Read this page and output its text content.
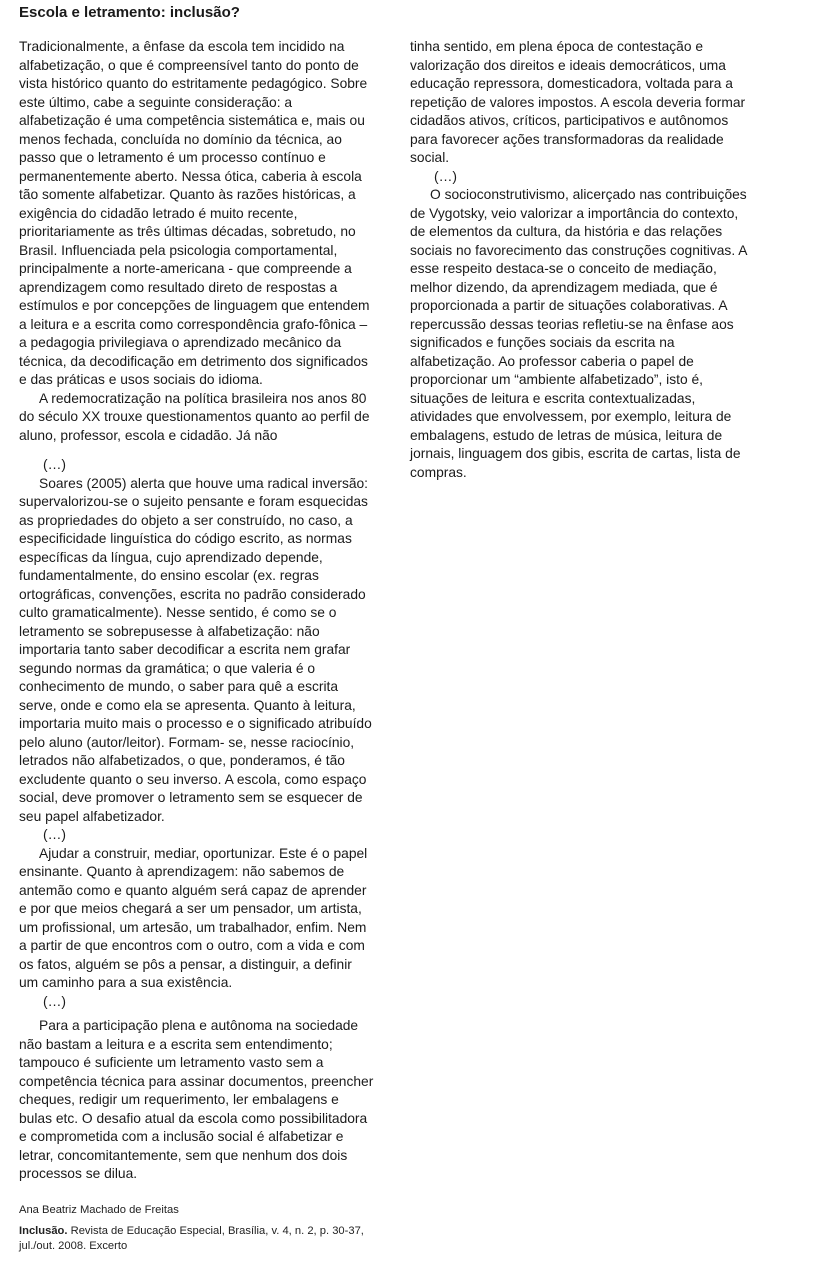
Escola e letramento: inclusão?

Tradicionalmente, a ênfase da escola tem incidido na alfabetização, o que é compreensível tanto do ponto de vista histórico quanto do estritamente pedagógico. Sobre este último, cabe a seguinte consideração: a alfabetização é uma competência sistemática e, mais ou menos fechada, concluída no domínio da técnica, ao passo que o letramento é um processo contínuo e permanentemente aberto. Nessa ótica, caberia à escola tão somente alfabetizar. Quanto às razões históricas, a exigência do cidadão letrado é muito recente, prioritariamente as três últimas décadas, sobretudo, no Brasil. Influenciada pela psicologia comportamental, principalmente a norte-americana - que compreende a aprendizagem como resultado direto de respostas a estímulos e por concepções de linguagem que entendem a leitura e a escrita como correspondência grafo-fônica – a pedagogia privilegiava o aprendizado mecânico da técnica, da decodificação em detrimento dos significados e das práticas e usos sociais do idioma.

A redemocratização na política brasileira nos anos 80 do século XX trouxe questionamentos quanto ao perfil de aluno, professor, escola e cidadão. Já não

(…)

Soares (2005) alerta que houve uma radical inversão: supervalorizou-se o sujeito pensante e foram esquecidas as propriedades do objeto a ser construído, no caso, a especificidade linguística do código escrito, as normas específicas da língua, cujo aprendizado depende, fundamentalmente, do ensino escolar (ex. regras ortográficas, convenções, escrita no padrão considerado culto gramaticalmente). Nesse sentido, é como se o letramento se sobrepusesse à alfabetização: não importaria tanto saber decodificar a escrita nem grafar segundo normas da gramática; o que valeria é o conhecimento de mundo, o saber para quê a escrita serve, onde e como ela se apresenta. Quanto à leitura, importaria muito mais o processo e o significado atribuído pelo aluno (autor/leitor). Formam- se, nesse raciocínio, letrados não alfabetizados, o que, ponderamos, é tão excludente quanto o seu inverso. A escola, como espaço social, deve promover o letramento sem se esquecer de seu papel alfabetizador.

(…)

Ajudar a construir, mediar, oportunizar. Este é o papel ensinante. Quanto à aprendizagem: não sabemos de antemão como e quanto alguém será capaz de aprender e por que meios chegará a ser um pensador, um artista, um profissional, um artesão, um trabalhador, enfim. Nem a partir de que encontros com o outro, com a vida e com os fatos, alguém se pôs a pensar, a distinguir, a definir um caminho para a sua existência.

(…)

Para a participação plena e autônoma na sociedade não bastam a leitura e a escrita sem entendimento; tampouco é suficiente um letramento vasto sem a competência técnica para assinar documentos, preencher cheques, redigir um requerimento, ler embalagens e bulas etc. O desafio atual da escola como possibilitadora e comprometida com a inclusão social é alfabetizar e letrar, concomitantemente, sem que nenhum dos dois processos se dilua.

tinha sentido, em plena época de contestação e valorização dos direitos e ideais democráticos, uma educação repressora, domesticadora, voltada para a repetição de valores impostos. A escola deveria formar cidadãos ativos, críticos, participativos e autônomos para favorecer ações transformadoras da realidade social.

(…)

O socioconstrutivismo, alicerçado nas contribuições de Vygotsky, veio valorizar a importância do contexto, de elementos da cultura, da história e das relações sociais no favorecimento das construções cognitivas. A esse respeito destaca-se o conceito de mediação, melhor dizendo, da aprendizagem mediada, que é proporcionada a partir de situações colaborativas. A repercussão dessas teorias refletiu-se na ênfase aos significados e funções sociais da escrita na alfabetização. Ao professor caberia o papel de proporcionar um “ambiente alfabetizado”, isto é, situações de leitura e escrita contextualizadas, atividades que envolvessem, por exemplo, leitura de embalagens, estudo de letras de música, leitura de jornais, linguagem dos gibis, escrita de cartas, lista de compras.

Ana Beatriz Machado de Freitas

Inclusão. Revista de Educação Especial, Brasília, v. 4, n. 2, p. 30-37, jul./out. 2008. Excerto
